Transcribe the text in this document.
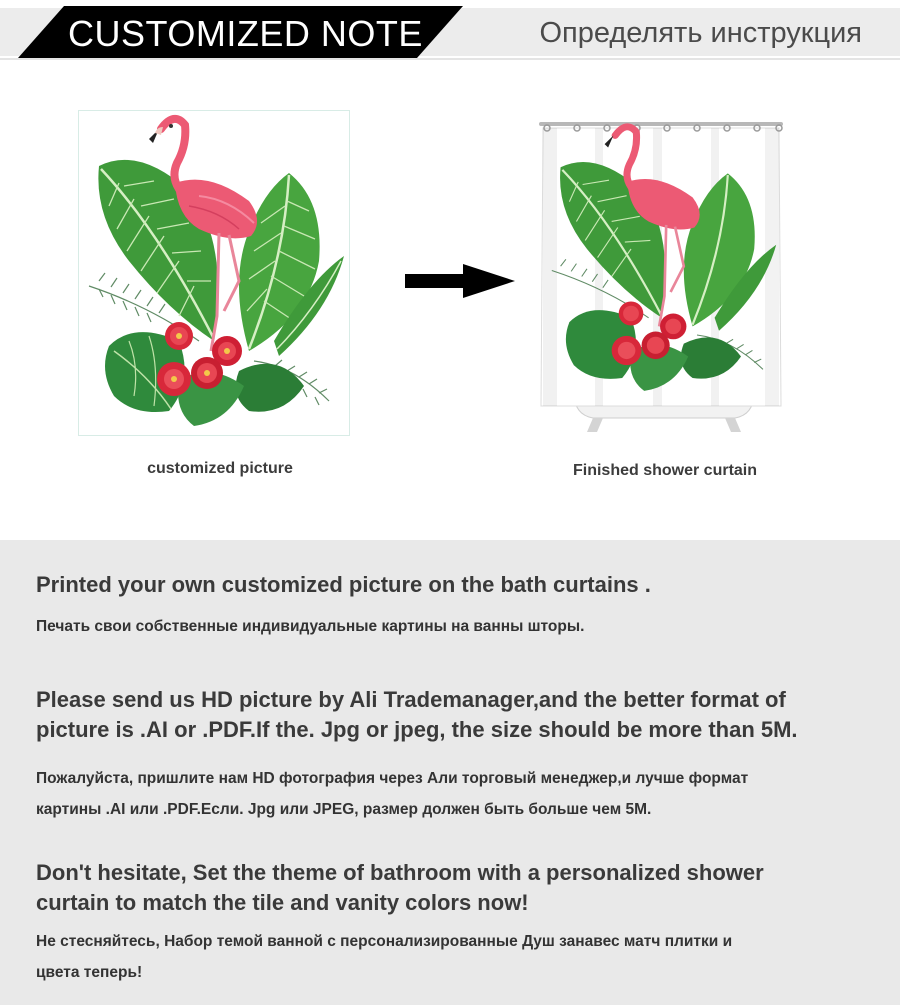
CUSTOMIZED NOTE	Определять инструкция
customized picture	Finished shower curtain
Printed your own customized picture on the bath curtains .
Печать свои собственные индивидуальные картины на ванны шторы.
Please send us HD picture by Ali Trademanager,and the better format of
picture is .AI or .PDF.If the. Jpg or jpeg, the size should be more than 5M.
Пожалуйста, пришлите нам HD фотография через Али торговый менеджер,и лучше формат
картины .AI или .PDF.Если. Jpg или JPEG, размер должен быть больше чем 5M.
Don't hesitate, Set the theme of bathroom with a personalized shower
curtain to match the tile and vanity colors now!
Не стесняйтесь, Набор темой ванной с персонализированные Душ занавес матч плитки и
цвета теперь!
